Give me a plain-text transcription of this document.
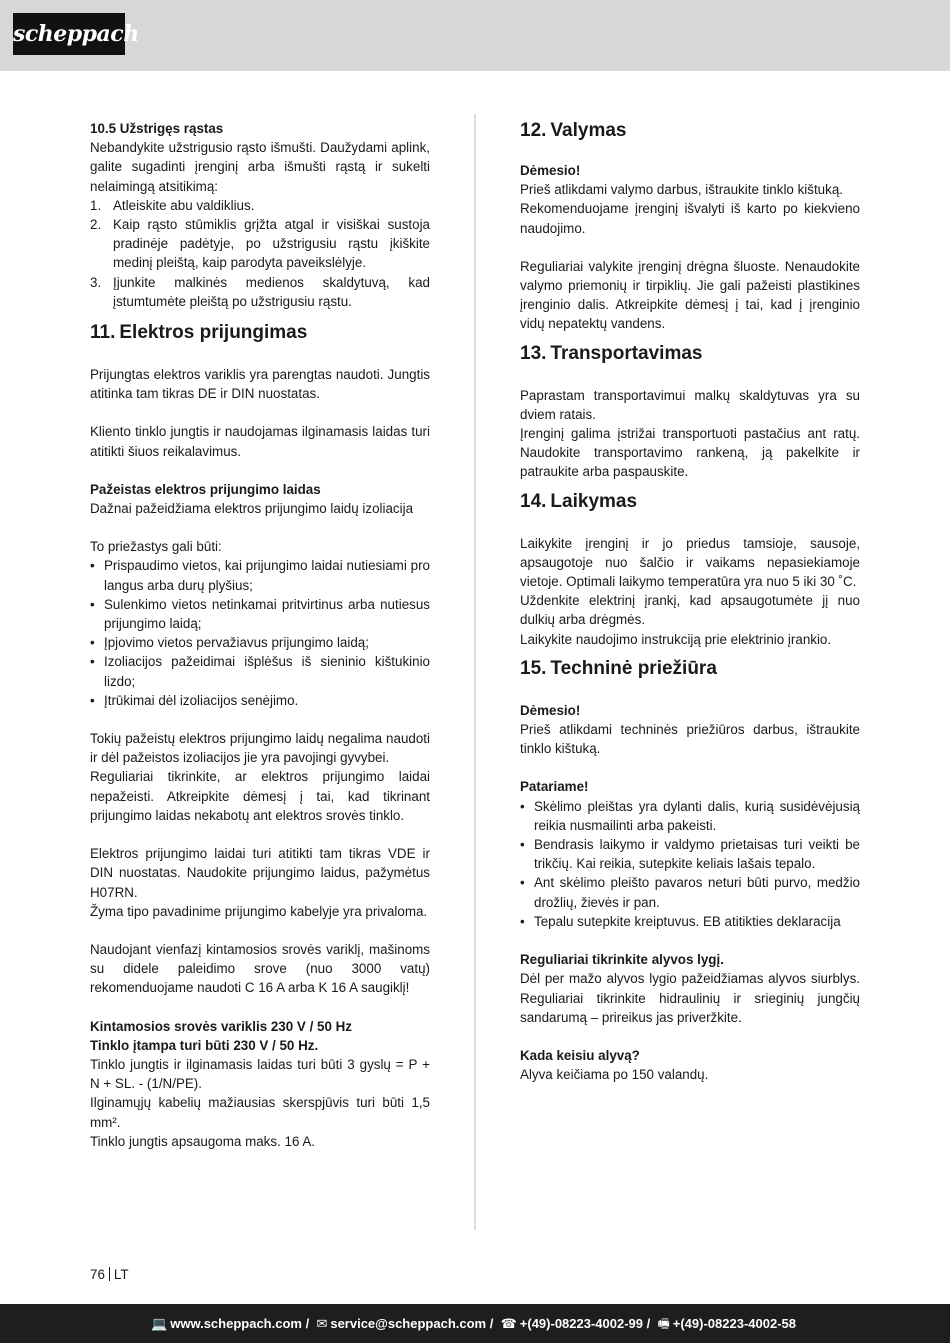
scheppach

10.5 Užstrigęs rąstas

Nebandykite užstrigusio rąsto išmušti. Daužydami aplink, galite sugadinti įrenginį arba išmušti rąstą ir sukelti nelaimingą atsitikimą:

1. Atleiskite abu valdiklius.
2. Kaip rąsto stūmiklis grįžta atgal ir visiškai sustoja pradinėje padėtyje, po užstrigusiu rąstu įkiškite medinį pleištą, kaip parodyta paveikslėlyje.
3. Įjunkite malkinės medienos skaldytuvą, kad įstumtumėte pleištą po užstrigusiu rąstu.
11. Elektros prijungimas

Prijungtas elektros variklis yra parengtas naudoti. Jungtis atitinka tam tikras DE ir DIN nuostatas.

Kliento tinklo jungtis ir naudojamas ilginamasis laidas turi atitikti šiuos reikalavimus.

Pažeistas elektros prijungimo laidas

Dažnai pažeidžiama elektros prijungimo laidų izoliacija

To priežastys gali būti:

• Prispaudimo vietos, kai prijungimo laidai nutiesiami pro langus arba durų plyšius;
• Sulenkimo vietos netinkamai pritvirtinus arba nutiesus prijungimo laidą;
• Įpjovimo vietos pervažiavus prijungimo laidą;
• Izoliacijos pažeidimai išplėšus iš sieninio kištukinio lizdo;
• Įtrūkimai dėl izoliacijos senėjimo.

Tokių pažeistų elektros prijungimo laidų negalima naudoti ir dėl pažeistos izoliacijos jie yra pavojingi gyvybei.

Reguliariai tikrinkite, ar elektros prijungimo laidai nepažeisti. Atkreipkite dėmesį į tai, kad tikrinant prijungimo laidas nekabotų ant elektros srovės tinklo.

Elektros prijungimo laidai turi atitikti tam tikras VDE ir DIN nuostatas. Naudokite prijungimo laidus, pažymėtus H07RN.

Žyma tipo pavadinime prijungimo kabelyje yra privaloma.

Naudojant vienfazį kintamosios srovės variklį, mašinoms su didele paleidimo srove (nuo 3000 vatų) rekomenduojame naudoti C 16 A arba K 16 A saugiklį!

Kintamosios srovės variklis 230 V / 50 Hz

Tinklo įtampa turi būti 230 V / 50 Hz.

Tinklo jungtis ir ilginamasis laidas turi būti 3 gyslų = P + N + SL. - (1/N/PE).

Ilginamųjų kabelių mažiausias skerspjūvis turi būti 1,5 mm².

Tinklo jungtis apsaugoma maks. 16 A.

12. Valymas

Dėmesio!

Prieš atlikdami valymo darbus, ištraukite tinklo kištuką.

Rekomenduojame įrenginį išvalyti iš karto po kiekvieno naudojimo.

Reguliariai valykite įrenginį drėgna šluoste. Nenaudokite valymo priemonių ir tirpiklių. Jie gali pažeisti plastikines įrenginio dalis. Atkreipkite dėmesį į tai, kad į įrenginio vidų nepatektų vandens.

13. Transportavimas

Paprastam transportavimui malkų skaldytuvas yra su dviem ratais.

Įrenginį galima įstrižai transportuoti pastačius ant ratų. Naudokite transportavimo rankeną, ją pakelkite ir patraukite arba paspauskite.

14. Laikymas

Laikykite įrenginį ir jo priedus tamsioje, sausoje, apsaugotoje nuo šalčio ir vaikams nepasiekiamoje vietoje. Optimali laikymo temperatūra yra nuo 5 iki 30 ˚C.

Uždenkite elektrinį įrankį, kad apsaugotumėte jį nuo dulkių arba drėgmės.

Laikykite naudojimo instrukciją prie elektrinio įrankio.

15. Techninė priežiūra

Dėmesio!

Prieš atlikdami techninės priežiūros darbus, ištraukite tinklo kištuką.

Patariame!

• Skėlimo pleištas yra dylanti dalis, kurią susidėvėjusią reikia nusmailinti arba pakeisti.
• Bendrasis laikymo ir valdymo prietaisas turi veikti be trikčių. Kai reikia, sutepkite keliais lašais tepalo.
• Ant skėlimo pleišto pavaros neturi būti purvo, medžio drožlių, žievės ir pan.
• Tepalu sutepkite kreiptuvus. EB atitikties deklaracija

Reguliariai tikrinkite alyvos lygį.

Dėl per mažo alyvos lygio pažeidžiamas alyvos siurblys. Reguliariai tikrinkite hidraulinių ir srieginių jungčių sandarumą – prireikus jas priveržkite.

Kada keisiu alyvą?

Alyva keičiama po 150 valandų.

76 LT
💻 www.scheppach.com / ✉ service@scheppach.com / ☎ +(49)-08223-4002-99 / 🖷 +(49)-08223-4002-58
